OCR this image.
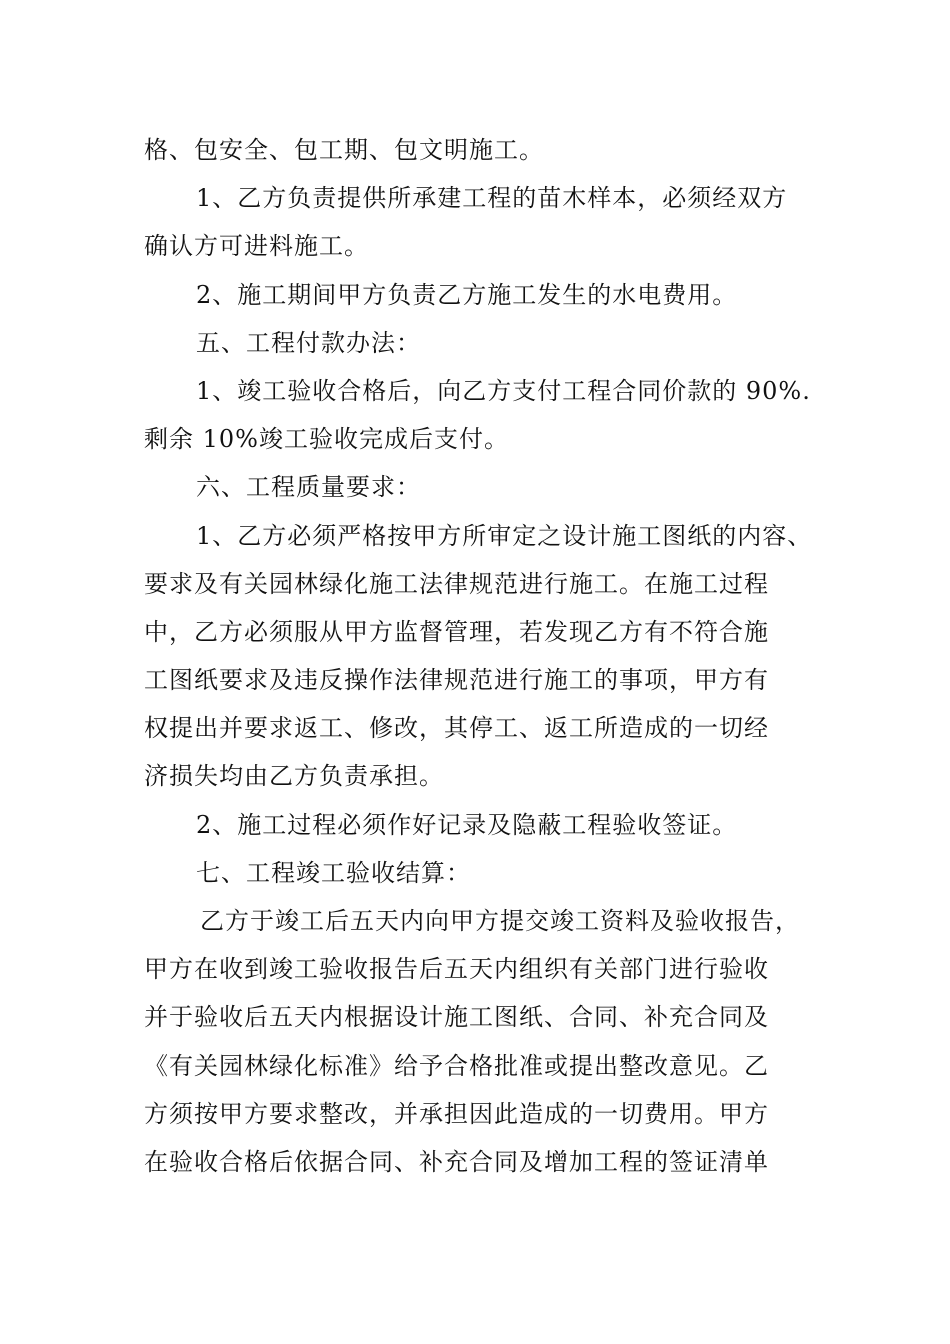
格、包安全、包工期、包文明施工。
1、乙方负责提供所承建工程的苗木样本，必须经双方
确认方可进料施工。
2、施工期间甲方负责乙方施工发生的水电费用。
五、工程付款办法：
1、竣工验收合格后，向乙方支付工程合同价款的 90%.
剩余 10%竣工验收完成后支付。
六、工程质量要求：
1、乙方必须严格按甲方所审定之设计施工图纸的内容、
要求及有关园林绿化施工法律规范进行施工。在施工过程
中，乙方必须服从甲方监督管理，若发现乙方有不符合施
工图纸要求及违反操作法律规范进行施工的事项，甲方有
权提出并要求返工、修改，其停工、返工所造成的一切经
济损失均由乙方负责承担。
2、施工过程必须作好记录及隐蔽工程验收签证。
七、工程竣工验收结算：
乙方于竣工后五天内向甲方提交竣工资料及验收报告，
甲方在收到竣工验收报告后五天内组织有关部门进行验收
并于验收后五天内根据设计施工图纸、合同、补充合同及
《有关园林绿化标准》给予合格批准或提出整改意见。乙
方须按甲方要求整改，并承担因此造成的一切费用。甲方
在验收合格后依据合同、补充合同及增加工程的签证清单
